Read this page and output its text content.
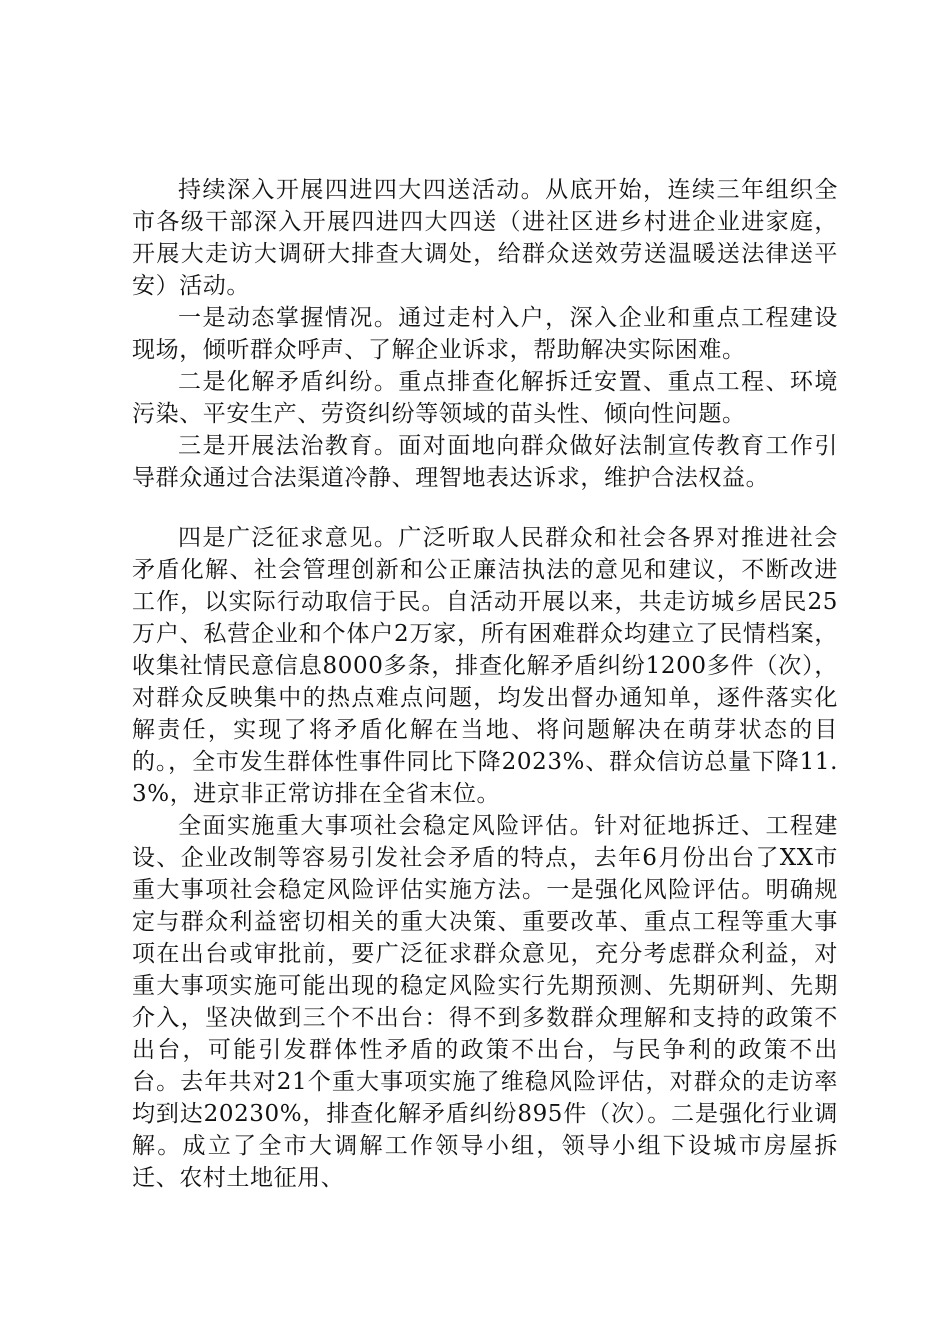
持续深入开展四进四大四送活动。从底开始，连续三年组织全市各级干部深入开展四进四大四送（进社区进乡村进企业进家庭，开展大走访大调研大排查大调处，给群众送效劳送温暖送法律送平安）活动。

一是动态掌握情况。通过走村入户，深入企业和重点工程建设现场，倾听群众呼声、了解企业诉求，帮助解决实际困难。

二是化解矛盾纠纷。重点排查化解拆迁安置、重点工程、环境污染、平安生产、劳资纠纷等领域的苗头性、倾向性问题。

三是开展法治教育。面对面地向群众做好法制宣传教育工作引导群众通过合法渠道冷静、理智地表达诉求，维护合法权益。

四是广泛征求意见。广泛听取人民群众和社会各界对推进社会矛盾化解、社会管理创新和公正廉洁执法的意见和建议，不断改进工作，以实际行动取信于民。自活动开展以来，共走访城乡居民25万户、私营企业和个体户2万家，所有困难群众均建立了民情档案，收集社情民意信息8000多条，排查化解矛盾纠纷1200多件（次），对群众反映集中的热点难点问题，均发出督办通知单，逐件落实化解责任，实现了将矛盾化解在当地、将问题解决在萌芽状态的目的。，全市发生群体性事件同比下降2023%、群众信访总量下降11.3%，进京非正常访排在全省末位。

全面实施重大事项社会稳定风险评估。针对征地拆迁、工程建设、企业改制等容易引发社会矛盾的特点，去年6月份出台了XX市重大事项社会稳定风险评估实施方法。一是强化风险评估。明确规定与群众利益密切相关的重大决策、重要改革、重点工程等重大事项在出台或审批前，要广泛征求群众意见，充分考虑群众利益，对重大事项实施可能出现的稳定风险实行先期预测、先期研判、先期介入，坚决做到三个不出台：得不到多数群众理解和支持的政策不出台，可能引发群体性矛盾的政策不出台，与民争利的政策不出台。去年共对21个重大事项实施了维稳风险评估，对群众的走访率均到达20230%，排查化解矛盾纠纷895件（次）。二是强化行业调解。成立了全市大调解工作领导小组，领导小组下设城市房屋拆迁、农村土地征用、
